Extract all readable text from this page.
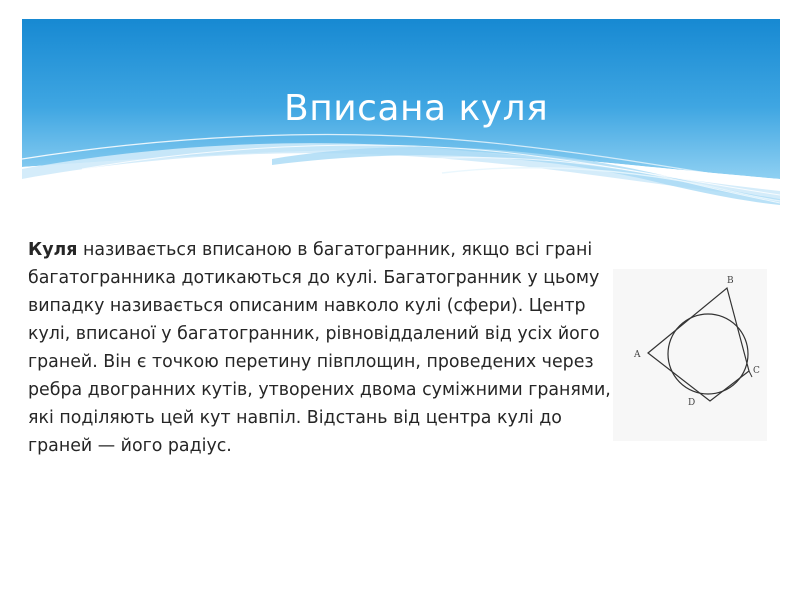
Вписана куля

Куля називається вписаною в багатогранник, якщо всі грані багатогранника дотикаються до кулі. Багатогранник у цьому випадку називається описаним навколо кулі (сфери). Центр кулі, вписаної у багатогранник, рівновіддалений від усіх його граней. Він є точкою перетину півплощин, проведених через ребра двогранних кутів, утворених двома суміжними гранями, які поділяють цей кут навпіл. Відстань від центра кулі до граней — його радіус.

A
B
C
D
